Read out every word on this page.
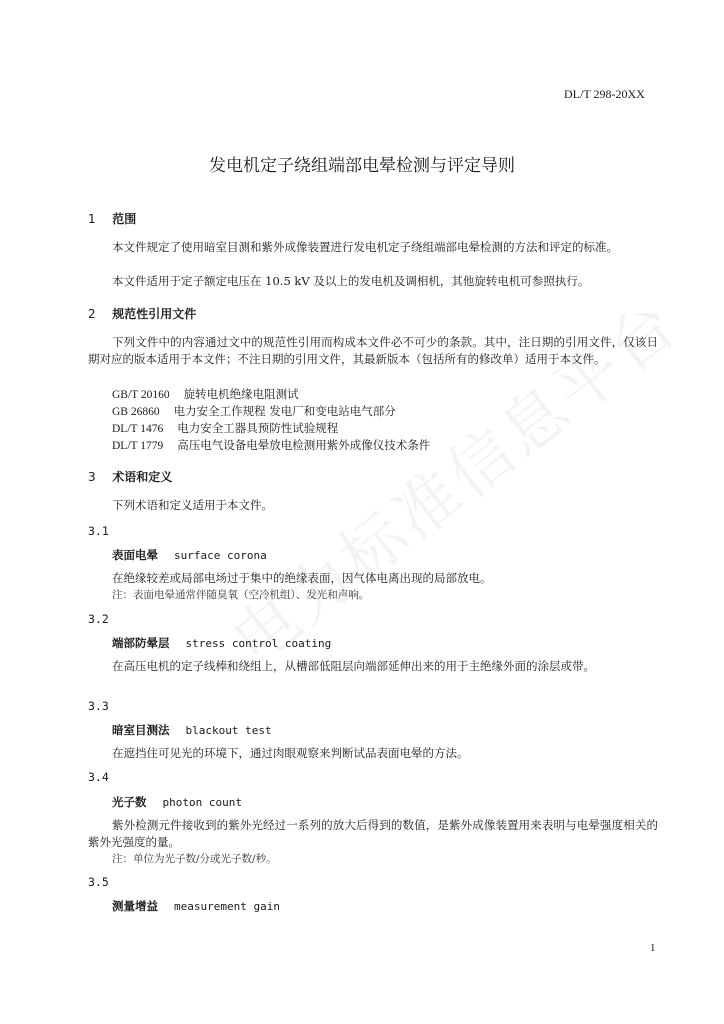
DL/T 298-20XX

发电机定子绕组端部电晕检测与评定导则
1 范围

本文件规定了使用暗室目测和紫外成像装置进行发电机定子绕组端部电晕检测的方法和评定的标准。

本文件适用于定子额定电压在 10.5 kV 及以上的发电机及调相机，其他旋转电机可参照执行。

2 规范性引用文件

下列文件中的内容通过文中的规范性引用而构成本文件必不可少的条款。其中，注日期的引用文件，仅该日期对应的版本适用于本文件；不注日期的引用文件，其最新版本（包括所有的修改单）适用于本文件。

GB/T 20160 旋转电机绝缘电阻测试
GB 26860 电力安全工作规程 发电厂和变电站电气部分
DL/T 1476 电力安全工器具预防性试验规程
DL/T 1779 高压电气设备电晕放电检测用紫外成像仪技术条件
3 术语和定义

下列术语和定义适用于本文件。

3.1
表面电晕 surface corona

在绝缘较差或局部电场过于集中的绝缘表面，因气体电离出现的局部放电。

注：表面电晕通常伴随臭氧（空冷机组）、发光和声响。

3.2
端部防晕层 stress control coating

在高压电机的定子线棒和绕组上，从槽部低阻层向端部延伸出来的用于主绝缘外面的涂层或带。

3.3
暗室目测法 blackout test

在遮挡住可见光的环境下，通过肉眼观察来判断试品表面电晕的方法。

3.4
光子数 photon count

紫外检测元件接收到的紫外光经过一系列的放大后得到的数值，是紫外成像装置用来表明与电晕强度相关的紫外光强度的量。

注：单位为光子数/分或光子数/秒。

3.5
测量增益 measurement gain

1
